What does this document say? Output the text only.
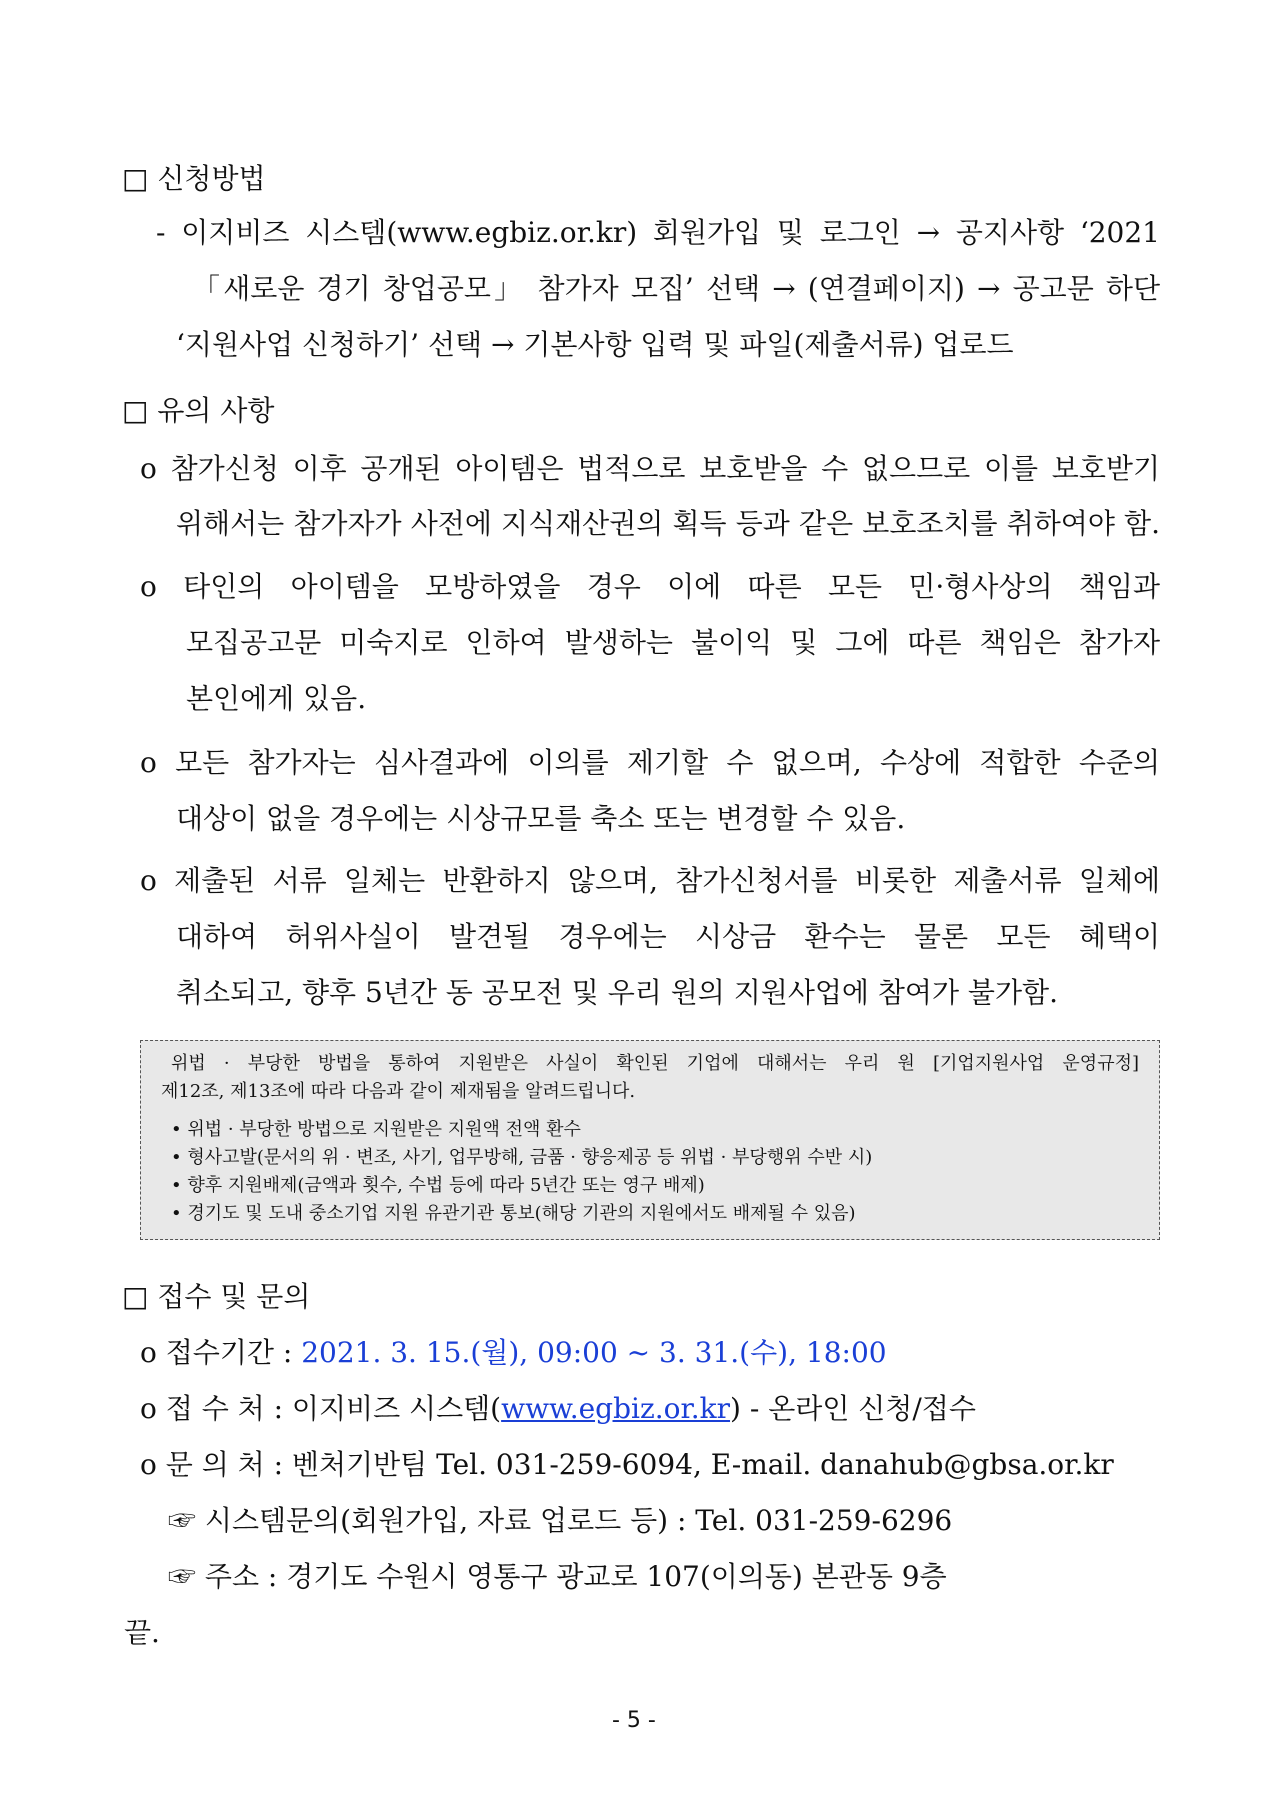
□ 신청방법
- 이지비즈 시스템(www.egbiz.or.kr) 회원가입 및 로그인 → 공지사항 ‘2021
「새로운 경기 창업공모」 참가자 모집’ 선택 → (연결페이지) → 공고문 하단
‘지원사업 신청하기’ 선택 → 기본사항 입력 및 파일(제출서류) 업로드
□ 유의 사항
o 참가신청 이후 공개된 아이템은 법적으로 보호받을 수 없으므로 이를 보호받기
위해서는 참가자가 사전에 지식재산권의 획득 등과 같은 보호조치를 취하여야 함.
o 타인의 아이템을 모방하였을 경우 이에 따른 모든 민·형사상의 책임과
모집공고문 미숙지로 인하여 발생하는 불이익 및 그에 따른 책임은 참가자
본인에게 있음.
o 모든 참가자는 심사결과에 이의를 제기할 수 없으며, 수상에 적합한 수준의
대상이 없을 경우에는 시상규모를 축소 또는 변경할 수 있음.
o 제출된 서류 일체는 반환하지 않으며, 참가신청서를 비롯한 제출서류 일체에
대하여 허위사실이 발견될 경우에는 시상금 환수는 물론 모든 혜택이
취소되고, 향후 5년간 동 공모전 및 우리 원의 지원사업에 참여가 불가함.
위법 · 부당한 방법을 통하여 지원받은 사실이 확인된 기업에 대해서는 우리 원 [기업지원사업 운영규정]
제12조, 제13조에 따라 다음과 같이 제재됨을 알려드립니다.
• 위법 · 부당한 방법으로 지원받은 지원액 전액 환수
• 형사고발(문서의 위 · 변조, 사기, 업무방해, 금품 · 향응제공 등 위법 · 부당행위 수반 시)
• 향후 지원배제(금액과 횟수, 수법 등에 따라 5년간 또는 영구 배제)
• 경기도 및 도내 중소기업 지원 유관기관 통보(해당 기관의 지원에서도 배제될 수 있음)
□ 접수 및 문의
o 접수기간 : 2021. 3. 15.(월), 09:00 ~ 3. 31.(수), 18:00
o 접 수 처 : 이지비즈 시스템(www.egbiz.or.kr) - 온라인 신청/접수
o 문 의 처 : 벤처기반팀 Tel. 031-259-6094, E-mail. danahub@gbsa.or.kr
☞ 시스템문의(회원가입, 자료 업로드 등) : Tel. 031-259-6296
☞ 주소 : 경기도 수원시 영통구 광교로 107(이의동) 본관동 9층
끝.
- 5 -
